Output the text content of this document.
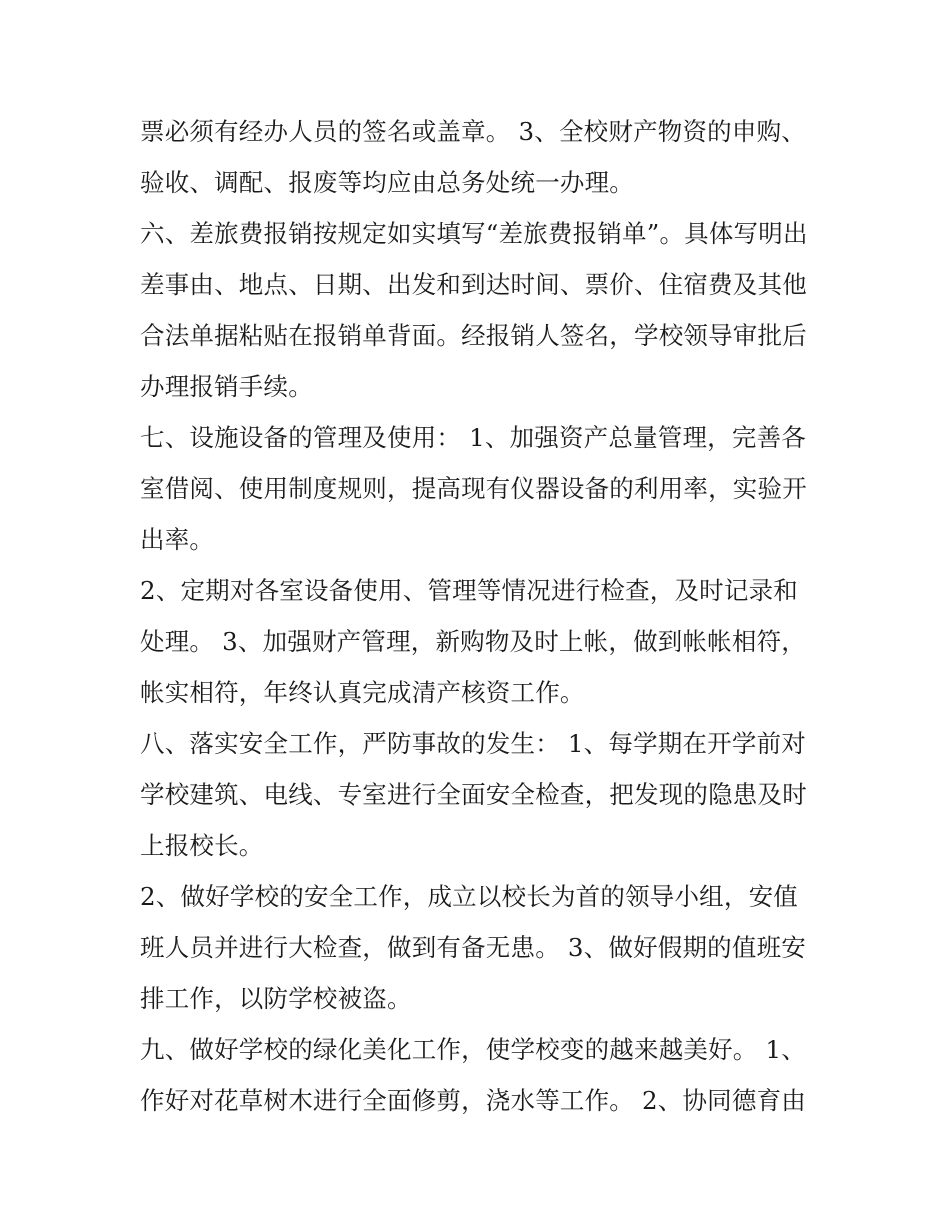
票必须有经办人员的签名或盖章。 3、全校财产物资的申购、
验收、调配、报废等均应由总务处统一办理。
六、差旅费报销按规定如实填写“差旅费报销单”。具体写明出
差事由、地点、日期、出发和到达时间、票价、住宿费及其他
合法单据粘贴在报销单背面。经报销人签名，学校领导审批后
办理报销手续。
七、设施设备的管理及使用： 1、加强资产总量管理，完善各
室借阅、使用制度规则，提高现有仪器设备的利用率，实验开
出率。
2、定期对各室设备使用、管理等情况进行检查，及时记录和
处理。 3、加强财产管理，新购物及时上帐，做到帐帐相符，
帐实相符，年终认真完成清产核资工作。
八、落实安全工作，严防事故的发生： 1、每学期在开学前对
学校建筑、电线、专室进行全面安全检查，把发现的隐患及时
上报校长。
2、做好学校的安全工作，成立以校长为首的领导小组，安值
班人员并进行大检查，做到有备无患。 3、做好假期的值班安
排工作，以防学校被盗。
九、做好学校的绿化美化工作，使学校变的越来越美好。 1、
作好对花草树木进行全面修剪，浇水等工作。 2、协同德育由
